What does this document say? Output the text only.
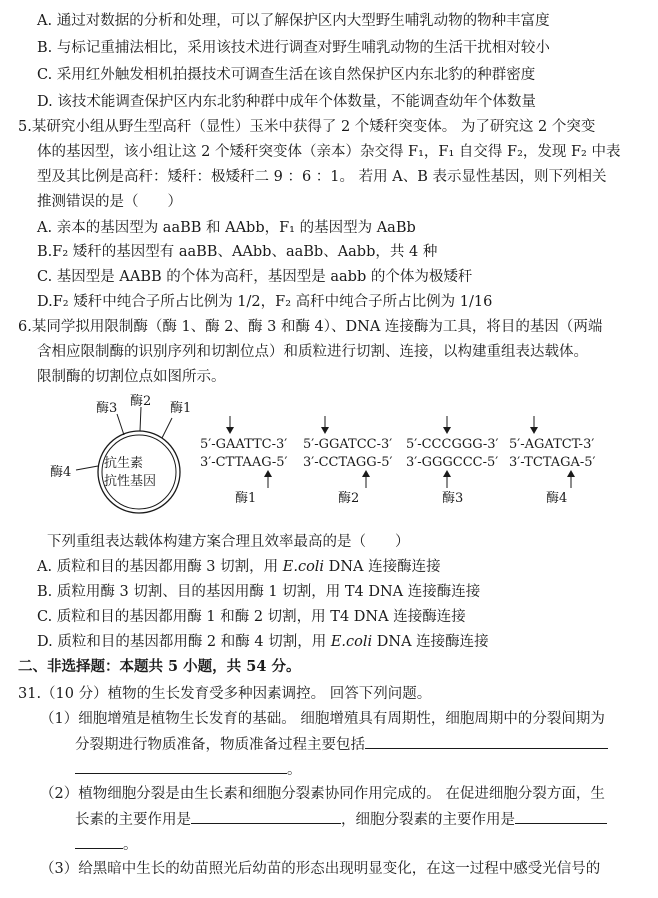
A. 通过对数据的分析和处理，可以了解保护区内大型野生哺乳动物的物种丰富度
B. 与标记重捕法相比，采用该技术进行调查对野生哺乳动物的生活干扰相对较小
C. 采用红外触发相机拍摄技术可调查生活在该自然保护区内东北豹的种群密度
D. 该技术能调查保护区内东北豹种群中成年个体数量，不能调查幼年个体数量
5.某研究小组从野生型高秆（显性）玉米中获得了 2 个矮秆突变体。 为了研究这 2 个突变
体的基因型，该小组让这 2 个矮秆突变体（亲本）杂交得 F₁，F₁ 自交得 F₂，发现 F₂ 中表
型及其比例是高秆：矮秆：极矮秆二 9 ：6 ：1。 若用 A、B 表示显性基因，则下列相关
推测错误的是（　　）
A. 亲本的基因型为 aaBB 和 AAbb，F₁ 的基因型为 AaBb
B.F₂ 矮秆的基因型有 aaBB、AAbb、aaBb、Aabb，共 4 种
C. 基因型是 AABB 的个体为高秆，基因型是 aabb 的个体为极矮秆
D.F₂ 矮秆中纯合子所占比例为 1/2，F₂ 高秆中纯合子所占比例为 1/16
6.某同学拟用限制酶（酶 1、酶 2、酶 3 和酶 4）、DNA 连接酶为工具，将目的基因（两端
含相应限制酶的识别序列和切割位点）和质粒进行切割、连接，以构建重组表达载体。
限制酶的切割位点如图所示。
抗生素
抗性基因
酶3 酶2 酶1
酶4
5′-GAATTC-3′
3′-CTTAAG-5′
酶1
5′-GGATCC-3′
3′-CCTAGG-5′
酶2
5′-CCCGGG-3′
3′-GGGCCC-5′
酶3
5′-AGATCT-3′
3′-TCTAGA-5′
酶4
下列重组表达载体构建方案合理且效率最高的是（　　）
A. 质粒和目的基因都用酶 3 切割，用 E.coli DNA 连接酶连接
B. 质粒用酶 3 切割、目的基因用酶 1 切割，用 T4 DNA 连接酶连接
C. 质粒和目的基因都用酶 1 和酶 2 切割，用 T4 DNA 连接酶连接
D. 质粒和目的基因都用酶 2 和酶 4 切割，用 E.coli DNA 连接酶连接
二、非选择题：本题共 5 小题，共 54 分。
31.（10 分）植物的生长发育受多种因素调控。 回答下列问题。
（1）细胞增殖是植物生长发育的基础。 细胞增殖具有周期性，细胞周期中的分裂间期为
分裂期进行物质准备，物质准备过程主要包括
。
（2）植物细胞分裂是由生长素和细胞分裂素协同作用完成的。 在促进细胞分裂方面，生
长素的主要作用是	，细胞分裂素的主要作用是
。
（3）给黑暗中生长的幼苗照光后幼苗的形态出现明显变化，在这一过程中感受光信号的
